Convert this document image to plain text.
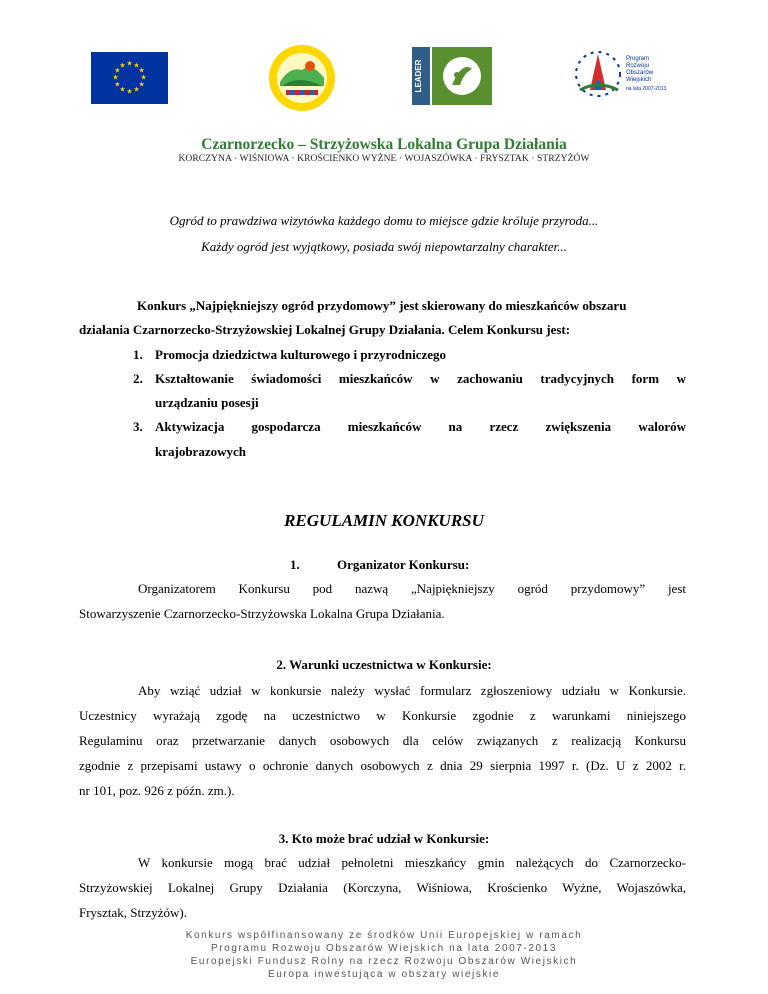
★ ★
★
★
★
★
★
★
★
★
★
★	LEADER
Program
Rozwoju
Obszarów
Wiejskich
na lata 2007-2013
Czarnorzecko – Strzyżowska Lokalna Grupa Działania
KORCZYNA · WIŚNIOWA · KROŚCIENKO WYŻNE · WOJASZÓWKA · FRYSZTAK · STRZYŻÓW
Ogród to prawdziwa wizytówka każdego domu to miejsce gdzie króluje przyroda...
Każdy ogród jest wyjątkowy, posiada swój niepowtarzalny charakter...
Konkurs „Najpiękniejszy ogród przydomowy” jest skierowany do mieszkańców obszaru
działania Czarnorzecko-Strzyżowskiej Lokalnej Grupy Działania. Celem Konkursu jest:
1. Promocja dziedzictwa kulturowego i przyrodniczego
2. Kształtowanie świadomości mieszkańców w zachowaniu tradycyjnych form w
urządzaniu posesji
3. Aktywizacja gospodarcza mieszkańców na rzecz zwiększenia walorów
krajobrazowych
REGULAMIN KONKURSU
1.	Organizator Konkursu:
Organizatorem Konkursu pod nazwą „Najpiękniejszy ogród przydomowy” jest
Stowarzyszenie Czarnorzecko-Strzyżowska Lokalna Grupa Działania.
2. Warunki uczestnictwa w Konkursie:
Aby wziąć udział w konkursie należy wysłać formularz zgłoszeniowy udziału w Konkursie.
Uczestnicy wyrażają zgodę na uczestnictwo w Konkursie zgodnie z warunkami niniejszego
Regulaminu oraz przetwarzanie danych osobowych dla celów związanych z realizacją Konkursu
zgodnie z przepisami ustawy o ochronie danych osobowych z dnia 29 sierpnia 1997 r. (Dz. U z 2002 r.
nr 101, poz. 926 z późn. zm.).
3. Kto może brać udział w Konkursie:
W konkursie mogą brać udział pełnoletni mieszkańcy gmin należących do Czarnorzecko-
Strzyżowskiej Lokalnej Grupy Działania (Korczyna, Wiśniowa, Krościenko Wyżne, Wojaszówka,
Frysztak, Strzyżów).
Konkurs współfinansowany ze środków Unii Europejskiej w ramach
Programu Rozwoju Obszarów Wiejskich na lata 2007-2013
Europejski Fundusz Rolny na rzecz Rozwoju Obszarów Wiejskich
Europa inwestująca w obszary wiejskie
